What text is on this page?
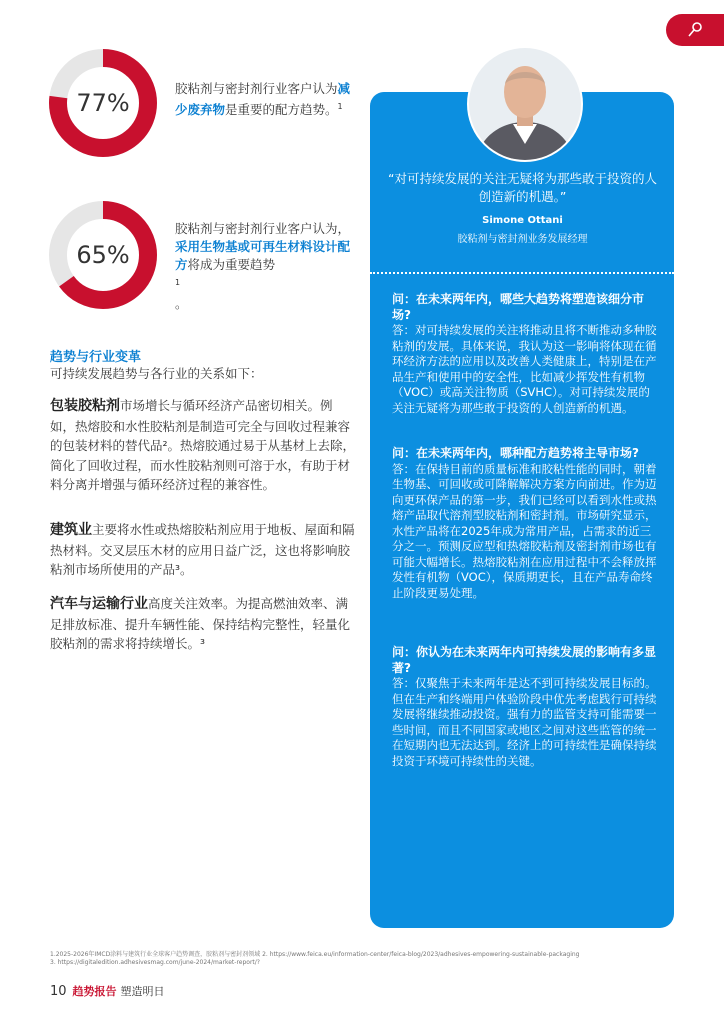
77%
胶粘剂与密封剂行业客户认为减少废弃物是重要的配方趋势。$^1$
65%
胶粘剂与密封剂行业客户认为，采用生物基或可再生材料设计配方将成为重要趋势
$^1$
。
趋势与行业变革
可持续发展趋势与各行业的关系如下：
包装胶粘剂市场增长与循环经济产品密切相关。例如，热熔胶和水性胶粘剂是制造可完全与回收过程兼容的包装材料的替代品²。热熔胶通过易于从基材上去除，简化了回收过程，而水性胶粘剂则可溶于水，有助于材料分离并增强与循环经济过程的兼容性。
建筑业主要将水性或热熔胶粘剂应用于地板、屋面和隔热材料。交叉层压木材的应用日益广泛，这也将影响胶粘剂市场所使用的产品³。
汽车与运输行业高度关注效率。为提高燃油效率、满足排放标准、提升车辆性能、保持结构完整性，轻量化胶粘剂的需求将持续增长。³
“对可持续发展的关注无疑将为那些敢于投资的人创造新的机遇。”
Simone Ottani
胶粘剂与密封剂业务发展经理
问：在未来两年内，哪些大趋势将塑造该细分市场?
答：对可持续发展的关注将推动且将不断推动多种胶粘剂的发展。具体来说，我认为这一影响将体现在循环经济方法的应用以及改善人类健康上，特别是在产品生产和使用中的安全性，比如减少挥发性有机物（VOC）或高关注物质（SVHC）。对可持续发展的关注无疑将为那些敢于投资的人创造新的机遇。
问：在未来两年内，哪种配方趋势将主导市场?
答：在保持目前的质量标准和胶粘性能的同时，朝着生物基、可回收或可降解解决方案方向前进。作为迈向更环保产品的第一步，我们已经可以看到水性或热熔产品取代溶剂型胶粘剂和密封剂。市场研究显示，水性产品将在2025年成为常用产品，占需求的近三分之一。预测反应型和热熔胶粘剂及密封剂市场也有可能大幅增长。热熔胶粘剂在应用过程中不会释放挥发性有机物（VOC），保质期更长，且在产品寿命终止阶段更易处理。
问：你认为在未来两年内可持续发展的影响有多显著?
答：仅聚焦于未来两年是达不到可持续发展目标的。但在生产和终端用户体验阶段中优先考虑践行可持续发展将继续推动投资。强有力的监管支持可能需要一些时间，而且不同国家或地区之间对这些监管的统一在短期内也无法达到。经济上的可持续性是确保持续投资于环境可持续性的关键。
1.2025-2026年IMCD涂料与建筑行业全球客户趋势调查，胶粘剂与密封剂领域 2. https://www.feica.eu/information-center/feica-blog/2023/adhesives-empowering-sustainable-packaging
3. https://digitaledition.adhesivesmag.com/june-2024/market-report/?
10 趋势报告 塑造明日
